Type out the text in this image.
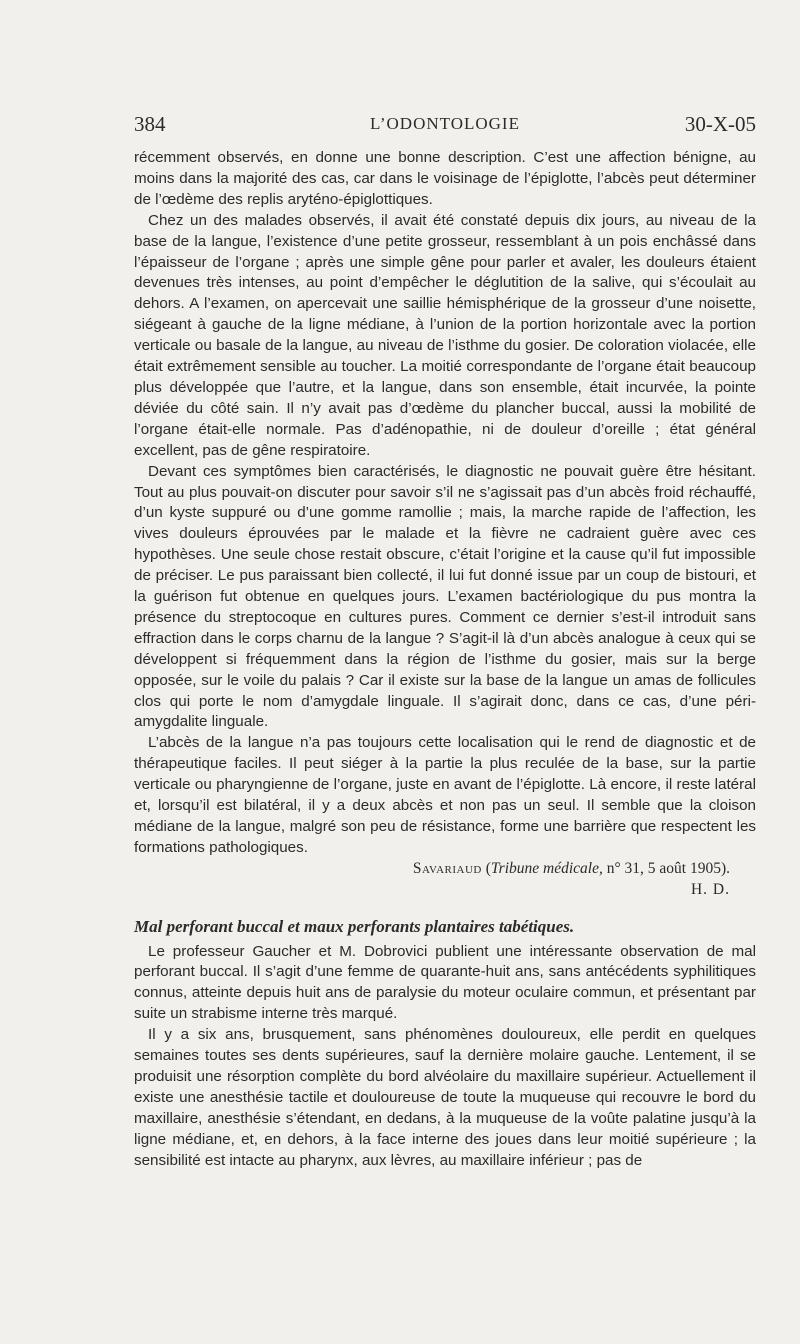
384	L’ODONTOLOGIE	30-X-05

récemment observés, en donne une bonne description. C’est une affection bénigne, au moins dans la majorité des cas, car dans le voisinage de l’épiglotte, l’abcès peut déterminer de l’œdème des replis aryténo-épiglottiques.

Chez un des malades observés, il avait été constaté depuis dix jours, au niveau de la base de la langue, l’existence d’une petite grosseur, ressemblant à un pois enchâssé dans l’épaisseur de l’organe ; après une simple gêne pour parler et avaler, les douleurs étaient devenues très intenses, au point d’empêcher le déglutition de la salive, qui s’écoulait au dehors. A l’examen, on apercevait une saillie hémisphérique de la grosseur d’une noisette, siégeant à gauche de la ligne médiane, à l’union de la portion horizontale avec la portion verticale ou basale de la langue, au niveau de l’isthme du gosier. De coloration violacée, elle était extrêmement sensible au toucher. La moitié correspondante de l’organe était beaucoup plus développée que l’autre, et la langue, dans son ensemble, était incurvée, la pointe déviée du côté sain. Il n’y avait pas d’œdème du plancher buccal, aussi la mobilité de l’organe était-elle normale. Pas d’adénopathie, ni de douleur d’oreille ; état général excellent, pas de gêne respiratoire.

Devant ces symptômes bien caractérisés, le diagnostic ne pouvait guère être hésitant. Tout au plus pouvait-on discuter pour savoir s’il ne s’agissait pas d’un abcès froid réchauffé, d’un kyste suppuré ou d’une gomme ramollie ; mais, la marche rapide de l’affection, les vives douleurs éprouvées par le malade et la fièvre ne cadraient guère avec ces hypothèses. Une seule chose restait obscure, c’était l’origine et la cause qu’il fut impossible de préciser. Le pus paraissant bien collecté, il lui fut donné issue par un coup de bistouri, et la guérison fut obtenue en quelques jours. L’examen bactériologique du pus montra la présence du streptocoque en cultures pures. Comment ce dernier s’est-il introduit sans effraction dans le corps charnu de la langue ? S’agit-il là d’un abcès analogue à ceux qui se développent si fréquemment dans la région de l’isthme du gosier, mais sur la berge opposée, sur le voile du palais ? Car il existe sur la base de la langue un amas de follicules clos qui porte le nom d’amygdale linguale. Il s’agirait donc, dans ce cas, d’une péri-amygdalite linguale.

L’abcès de la langue n’a pas toujours cette localisation qui le rend de diagnostic et de thérapeutique faciles. Il peut siéger à la partie la plus reculée de la base, sur la partie verticale ou pharyngienne de l’organe, juste en avant de l’épiglotte. Là encore, il reste latéral et, lorsqu’il est bilatéral, il y a deux abcès et non pas un seul. Il semble que la cloison médiane de la langue, malgré son peu de résistance, forme une barrière que respectent les formations pathologiques.

Savariaud (Tribune médicale, n° 31, 5 août 1905).
H. D.
Mal perforant buccal et maux perforants plantaires tabétiques.

Le professeur Gaucher et M. Dobrovici publient une intéressante observation de mal perforant buccal. Il s’agit d’une femme de quarante-huit ans, sans antécédents syphilitiques connus, atteinte depuis huit ans de paralysie du moteur oculaire commun, et présentant par suite un strabisme interne très marqué.

Il y a six ans, brusquement, sans phénomènes douloureux, elle perdit en quelques semaines toutes ses dents supérieures, sauf la dernière molaire gauche. Lentement, il se produisit une résorption complète du bord alvéolaire du maxillaire supérieur. Actuellement il existe une anesthésie tactile et douloureuse de toute la muqueuse qui recouvre le bord du maxillaire, anesthésie s’étendant, en dedans, à la muqueuse de la voûte palatine jusqu’à la ligne médiane, et, en dehors, à la face interne des joues dans leur moitié supérieure ; la sensibilité est intacte au pharynx, aux lèvres, au maxillaire inférieur ; pas de
